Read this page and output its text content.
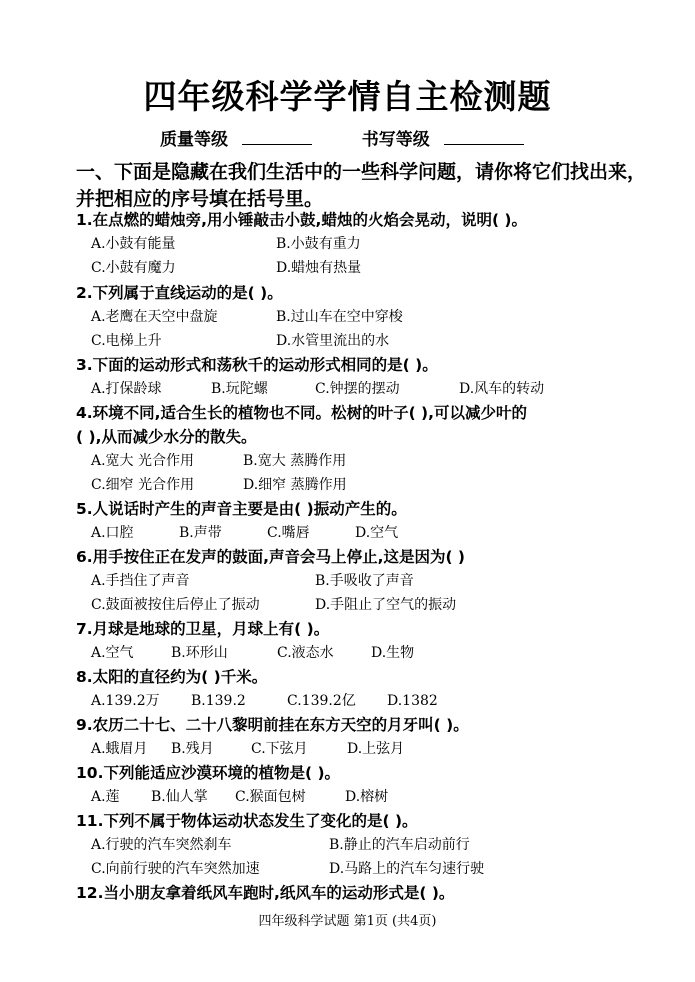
四年级科学学情自主检测题
质量等级	书写等级
一、下面是隐藏在我们生活中的一些科学问题，请你将它们找出来，
并把相应的序号填在括号里。
1.在点燃的蜡烛旁,用小锤敲击小鼓,蜡烛的火焰会晃动，说明( )。
A.小鼓有能量	B.小鼓有重力
C.小鼓有魔力	D.蜡烛有热量
2.下列属于直线运动的是( )。
A.老鹰在天空中盘旋	B.过山车在空中穿梭
C.电梯上升	D.水管里流出的水
3.下面的运动形式和荡秋千的运动形式相同的是( )。
A.打保龄球	B.玩陀螺	C.钟摆的摆动	D.风车的转动
4.环境不同,适合生长的植物也不同。松树的叶子( ),可以减少叶的
( ),从而减少水分的散失。
A.宽大 光合作用	B.宽大 蒸腾作用
C.细窄 光合作用	D.细窄 蒸腾作用
5.人说话时产生的声音主要是由( )振动产生的。
A.口腔	B.声带	C.嘴唇	D.空气
6.用手按住正在发声的鼓面,声音会马上停止,这是因为( )
A.手挡住了声音	B.手吸收了声音
C.鼓面被按住后停止了振动	D.手阻止了空气的振动
7.月球是地球的卫星，月球上有( )。
A.空气	B.环形山	C.液态水	D.生物
8.太阳的直径约为( )千米。
A.139.2万 B.139.2	C.139.2亿 D.1382
9.农历二十七、二十八黎明前挂在东方天空的月牙叫( )。
A.蛾眉月 B.残月	C.下弦月	D.上弦月
10.下列能适应沙漠环境的植物是( )。
A.莲 B.仙人掌 C.猴面包树	D.榕树
11.下列不属于物体运动状态发生了变化的是( )。
A.行驶的汽车突然刹车	B.静止的汽车启动前行
C.向前行驶的汽车突然加速	D.马路上的汽车匀速行驶
12.当小朋友拿着纸风车跑时,纸风车的运动形式是( )。
四年级科学试题 第1页 (共4页)
